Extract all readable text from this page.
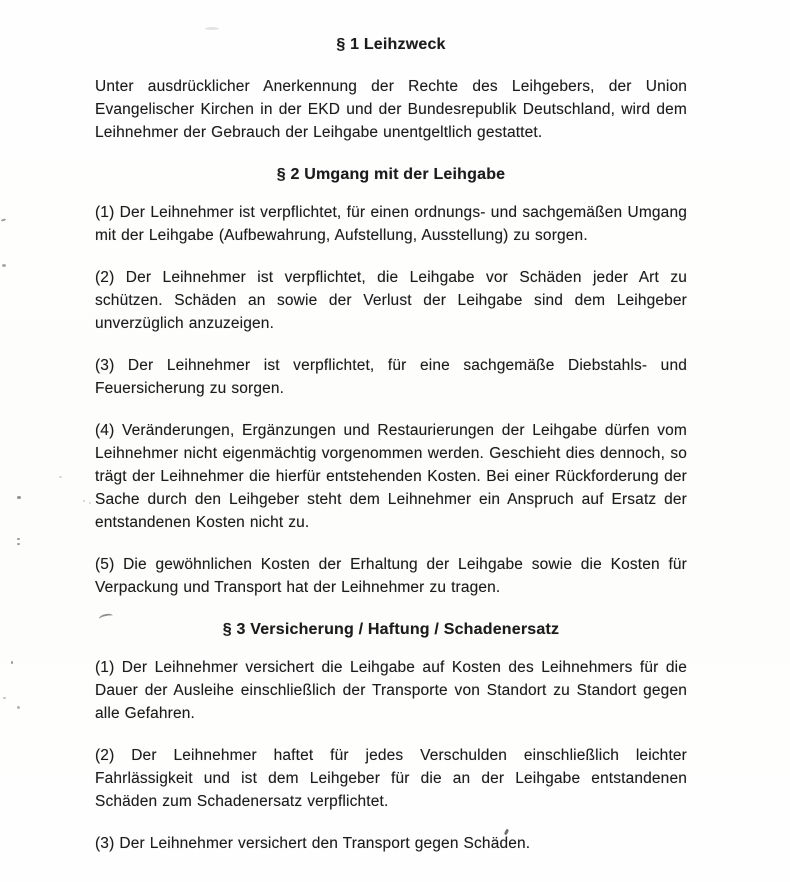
§ 1 Leihzweck

Unter ausdrücklicher Anerkennung der Rechte des Leihgebers, der Union Evangelischer Kirchen in der EKD und der Bundesrepublik Deutschland, wird dem Leihnehmer der Gebrauch der Leihgabe unentgeltlich gestattet.

§ 2 Umgang mit der Leihgabe

(1) Der Leihnehmer ist verpflichtet, für einen ordnungs- und sachgemäßen Umgang mit der Leihgabe (Aufbewahrung, Aufstellung, Ausstellung) zu sorgen.

(2) Der Leihnehmer ist verpflichtet, die Leihgabe vor Schäden jeder Art zu schützen. Schäden an sowie der Verlust der Leihgabe sind dem Leihgeber unverzüglich anzuzeigen.

(3) Der Leihnehmer ist verpflichtet, für eine sachgemäße Diebstahls- und Feuersicherung zu sorgen.

(4) Veränderungen, Ergänzungen und Restaurierungen der Leihgabe dürfen vom Leihnehmer nicht eigenmächtig vorgenommen werden. Geschieht dies dennoch, so trägt der Leihnehmer die hierfür entstehenden Kosten. Bei einer Rückforderung der Sache durch den Leihgeber steht dem Leihnehmer ein Anspruch auf Ersatz der entstandenen Kosten nicht zu.

(5) Die gewöhnlichen Kosten der Erhaltung der Leihgabe sowie die Kosten für Verpackung und Transport hat der Leihnehmer zu tragen.

§ 3 Versicherung / Haftung / Schadenersatz

(1) Der Leihnehmer versichert die Leihgabe auf Kosten des Leihnehmers für die Dauer der Ausleihe einschließlich der Transporte von Standort zu Standort gegen alle Gefahren.

(2) Der Leihnehmer haftet für jedes Verschulden einschließlich leichter Fahrlässigkeit und ist dem Leihgeber für die an der Leihgabe entstandenen Schäden zum Schadenersatz verpflichtet.

(3) Der Leihnehmer versichert den Transport gegen Schäden.
